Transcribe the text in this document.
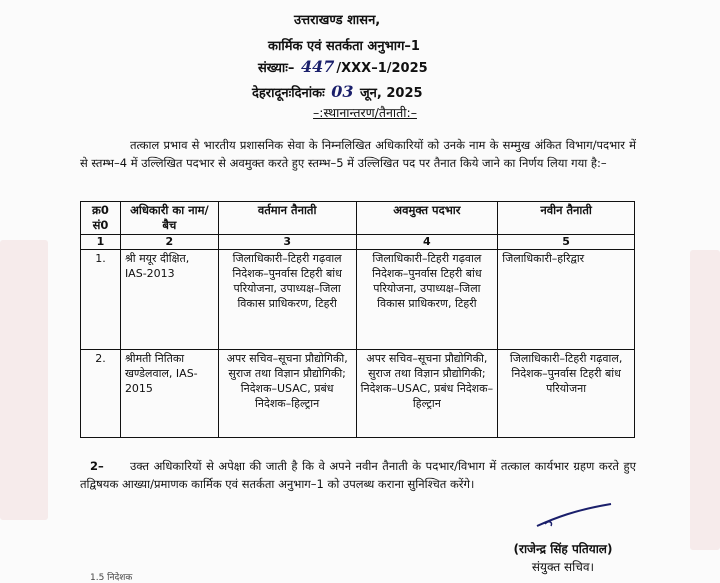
उत्तराखण्ड शासन,
कार्मिक एवं सतर्कता अनुभाग–1
संख्याः– 447 /XXX–1/2025
देहरादूनःदिनांकः 03 जून, 2025
–:स्थानान्तरण/तैनाती:–
तत्काल प्रभाव से भारतीय प्रशासनिक सेवा के निम्नलिखित अधिकारियों को उनके नाम के सम्मुख अंकित विभाग/पदभार में से स्तम्भ–4 में उल्लिखित पदभार से अवमुक्त करते हुए स्तम्भ–5 में उल्लिखित पद पर तैनात किये जाने का निर्णय लिया गया है:–
क्र0 सं0	अधिकारी का नाम/बैच	वर्तमान तैनाती	अवमुक्त पदभार	नवीन तैनाती
1	2	3	4	5
1.	श्री मयूर दीक्षित, IAS-2013	जिलाधिकारी–टिहरी गढ़वाल निदेशक–पुनर्वास टिहरी बांध परियोजना, उपाध्यक्ष–जिला विकास प्राधिकरण, टिहरी	जिलाधिकारी–टिहरी गढ़वाल निदेशक–पुनर्वास टिहरी बांध परियोजना, उपाध्यक्ष–जिला विकास प्राधिकरण, टिहरी	जिलाधिकारी–हरिद्वार
2.	श्रीमती नितिका खण्डेलवाल, IAS-2015	अपर सचिव–सूचना प्रौद्योगिकी, सुराज तथा विज्ञान प्रौद्योगिकी; निदेशक–USAC, प्रबंध निदेशक–हिल्ट्रान	अपर सचिव–सूचना प्रौद्योगिकी, सुराज तथा विज्ञान प्रौद्योगिकी; निदेशक–USAC, प्रबंध निदेशक–हिल्ट्रान	जिलाधिकारी–टिहरी गढ़वाल, निदेशक–पुनर्वास टिहरी बांध परियोजना
2–	उक्त अधिकारियों से अपेक्षा की जाती है कि वे अपने नवीन तैनाती के पदभार/विभाग में तत्काल कार्यभार ग्रहण करते हुए तद्विषयक आख्या/प्रमाणक कार्मिक एवं सतर्कता अनुभाग–1 को उपलब्ध कराना सुनिश्चित करेंगे।
(राजेन्द्र सिंह पतियाल)
संयुक्त सचिव।
1.5 निदेशक
